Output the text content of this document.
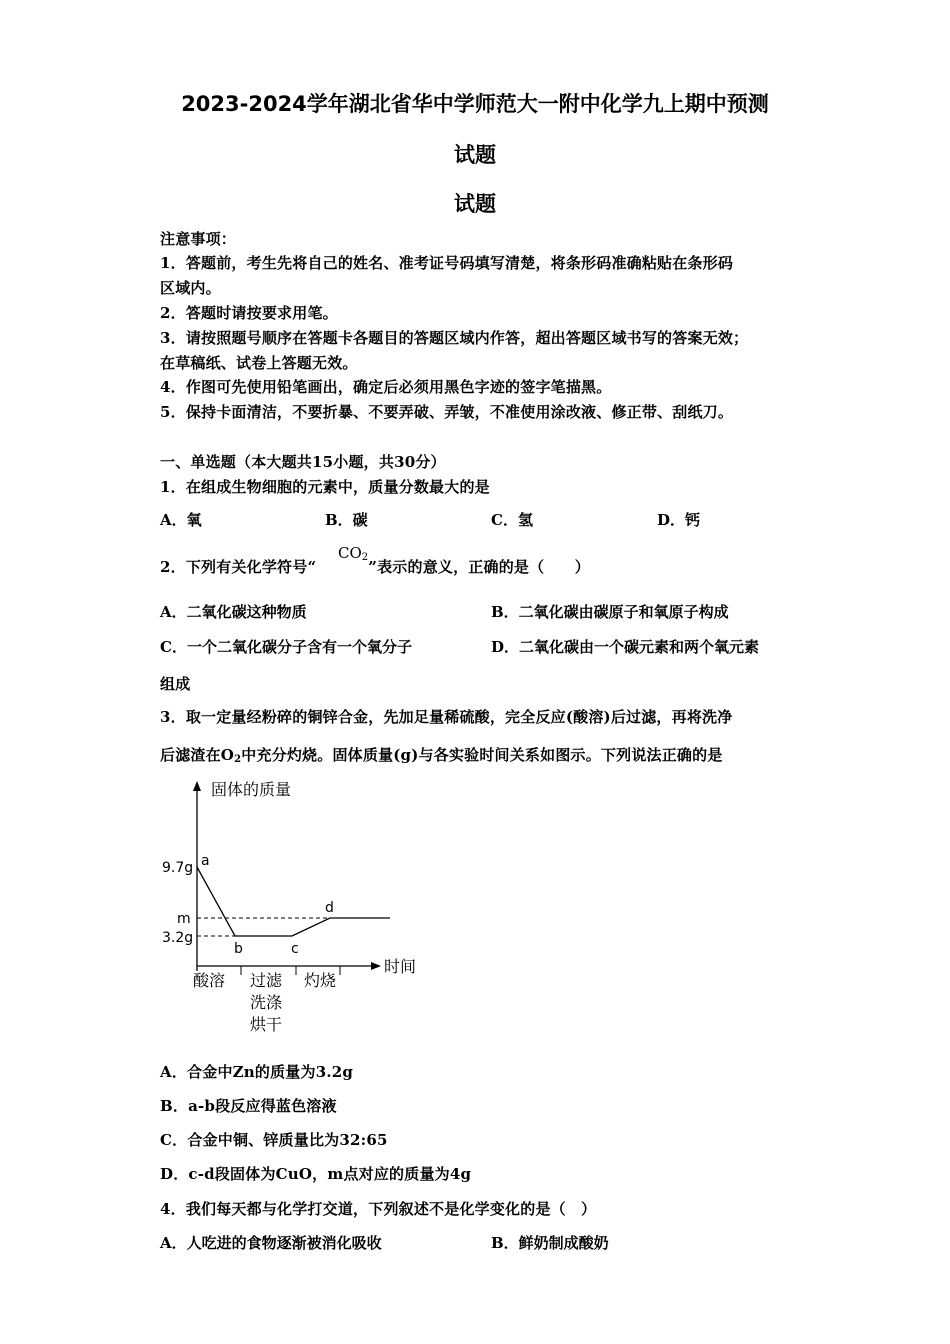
2023-2024学年湖北省华中学师范大一附中化学九上期中预测
试题
试题
注意事项：
1．答题前，考生先将自己的姓名、准考证号码填写清楚，将条形码准确粘贴在条形码
区域内。
2．答题时请按要求用笔。
3．请按照题号顺序在答题卡各题目的答题区域内作答，超出答题区域书写的答案无效；
在草稿纸、试卷上答题无效。
4．作图可先使用铅笔画出，确定后必须用黑色字迹的签字笔描黑。
5．保持卡面清洁，不要折暴、不要弄破、弄皱，不准使用涂改液、修正带、刮纸刀。
一、单选题（本大题共15小题，共30分）
1．在组成生物细胞的元素中，质量分数最大的是
A．氧	B．碳	C．氢	D．钙
2．下列有关化学符号“	”表示的意义，正确的是（　　）
$CO_2$
A．二氧化碳这种物质	B．二氧化碳由碳原子和氧原子构成
C．一个二氧化碳分子含有一个氧分子	D．二氧化碳由一个碳元素和两个氧元素
组成
3．取一定量经粉碎的铜锌合金，先加足量稀硫酸，完全反应(酸溶)后过滤，再将洗净
后滤渣在$O_2$中充分灼烧。固体质量(g)与各实验时间关系如图示。下列说法正确的是
固体的质量
时间
9.7g
m
3.2g
a
b	c
d
酸溶 过滤
洗涤
烘干
灼烧
A．合金中Zn的质量为3.2g
B．a-b段反应得蓝色溶液
C．合金中铜、锌质量比为32:65
D．c-d段固体为CuO，m点对应的质量为4g
4．我们每天都与化学打交道，下列叙述不是化学变化的是（　）
A．人吃进的食物逐渐被消化吸收	B．鲜奶制成酸奶
